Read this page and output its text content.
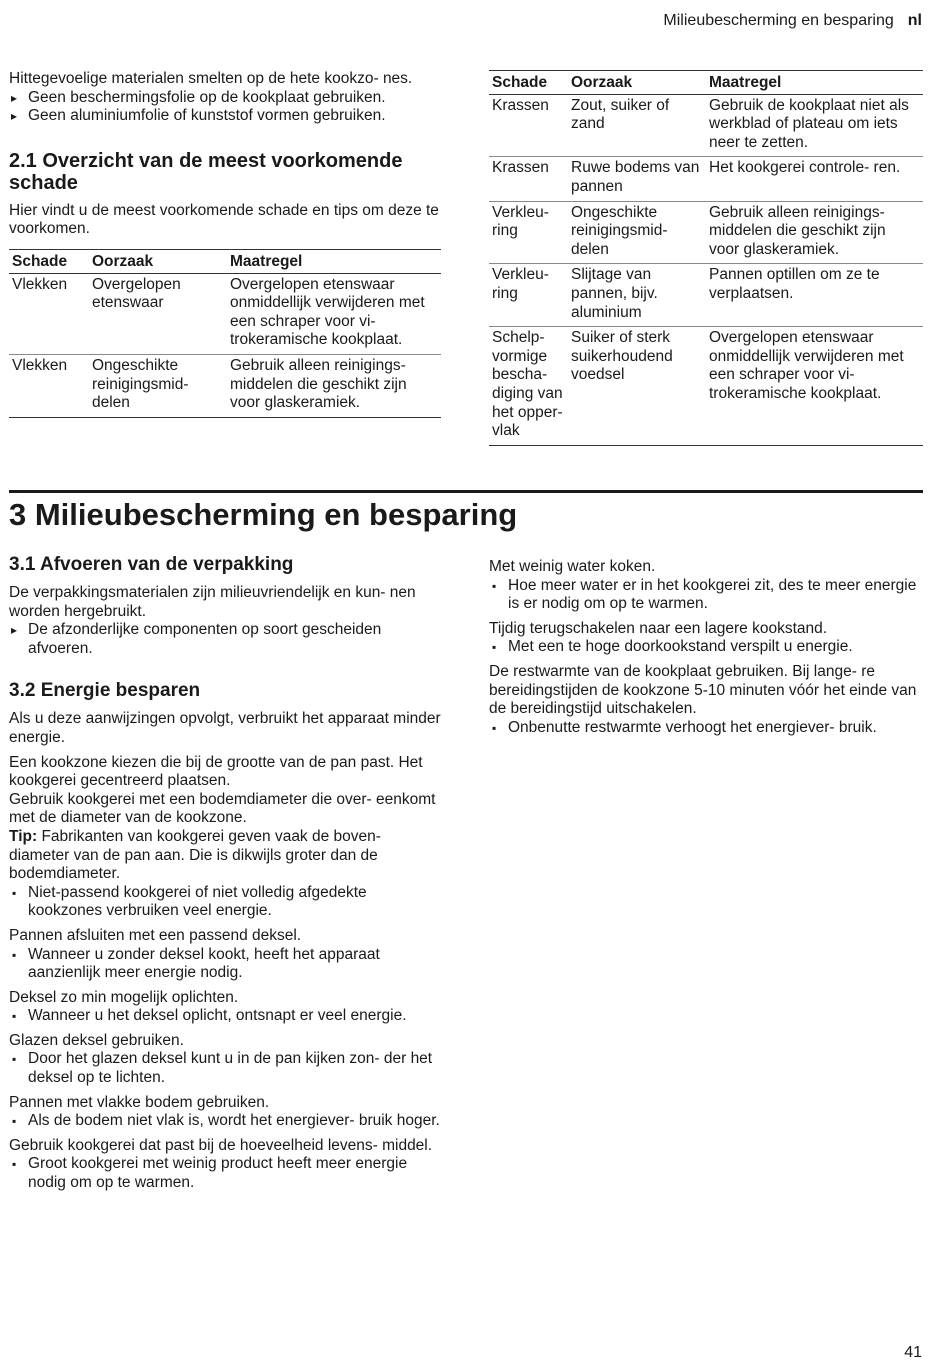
Milieubescherming en besparing nl

Hittegevoelige materialen smelten op de hete kookzo- nes.

▸ Geen beschermingsfolie op de kookplaat gebruiken.
▸ Geen aluminiumfolie of kunststof vormen gebruiken.
2.1 Overzicht van de meest voorkomende schade

Hier vindt u de meest voorkomende schade en tips om deze te voorkomen.

Schade	Oorzaak	Maatregel
Vlekken	Overgelopen etenswaar	Overgelopen etenswaar onmiddellijk verwijderen met een schraper voor vi- trokeramische kookplaat.
Vlekken	Ongeschikte reinigingsmid- delen	Gebruik alleen reinigings- middelen die geschikt zijn voor glaskeramiek.
Schade	Oorzaak	Maatregel
Krassen	Zout, suiker of zand	Gebruik de kookplaat niet als werkblad of plateau om iets neer te zetten.
Krassen	Ruwe bodems van pannen	Het kookgerei controle- ren.
Verkleu- ring	Ongeschikte reinigingsmid- delen	Gebruik alleen reinigings- middelen die geschikt zijn voor glaskeramiek.
Verkleu- ring	Slijtage van pannen, bijv. aluminium	Pannen optillen om ze te verplaatsen.
Schelp- vormige bescha- diging van het opper- vlak	Suiker of sterk suikerhoudend voedsel	Overgelopen etenswaar onmiddellijk verwijderen met een schraper voor vi- trokeramische kookplaat.
3 Milieubescherming en besparing
3.1 Afvoeren van de verpakking

De verpakkingsmaterialen zijn milieuvriendelijk en kun- nen worden hergebruikt.

▸ De afzonderlijke componenten op soort gescheiden afvoeren.
3.2 Energie besparen

Als u deze aanwijzingen opvolgt, verbruikt het apparaat minder energie.

Een kookzone kiezen die bij de grootte van de pan past. Het kookgerei gecentreerd plaatsen.

Gebruik kookgerei met een bodemdiameter die over- eenkomt met de diameter van de kookzone.

Tip: Fabrikanten van kookgerei geven vaak de boven- diameter van de pan aan. Die is dikwijls groter dan de bodemdiameter.

▪ Niet-passend kookgerei of niet volledig afgedekte kookzones verbruiken veel energie.

Pannen afsluiten met een passend deksel.

▪ Wanneer u zonder deksel kookt, heeft het apparaat aanzienlijk meer energie nodig.

Deksel zo min mogelijk oplichten.

▪ Wanneer u het deksel oplicht, ontsnapt er veel energie.

Glazen deksel gebruiken.

▪ Door het glazen deksel kunt u in de pan kijken zon- der het deksel op te lichten.

Pannen met vlakke bodem gebruiken.

▪ Als de bodem niet vlak is, wordt het energiever- bruik hoger.

Gebruik kookgerei dat past bij de hoeveelheid levens- middel.

▪ Groot kookgerei met weinig product heeft meer energie nodig om op te warmen.

Met weinig water koken.

▪ Hoe meer water er in het kookgerei zit, des te meer energie is er nodig om op te warmen.

Tijdig terugschakelen naar een lagere kookstand.

▪ Met een te hoge doorkookstand verspilt u energie.

De restwarmte van de kookplaat gebruiken. Bij lange- re bereidingstijden de kookzone 5-10 minuten vóór het einde van de bereidingstijd uitschakelen.

▪ Onbenutte restwarmte verhoogt het energiever- bruik.
41
